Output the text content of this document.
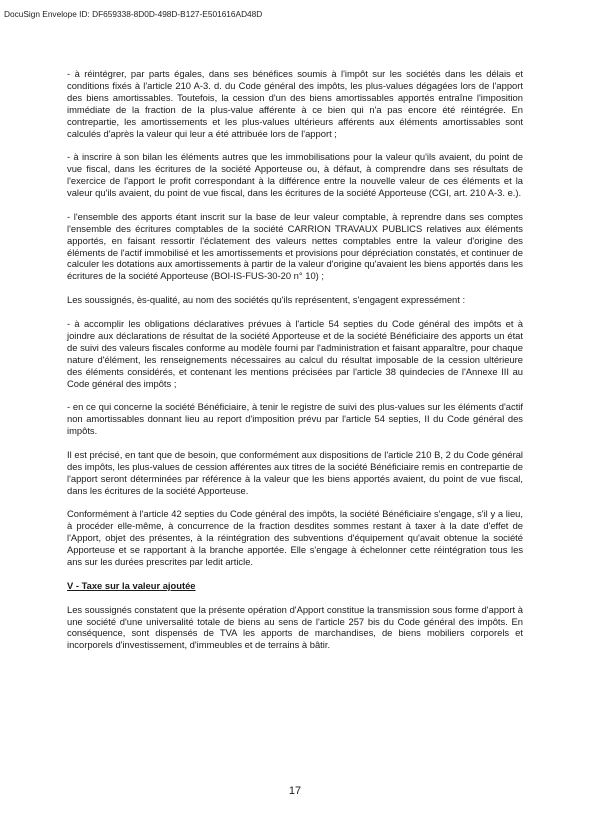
DocuSign Envelope ID: DF659338-8D0D-498D-B127-E501616AD48D

- à réintégrer, par parts égales, dans ses bénéfices soumis à l'impôt sur les sociétés dans les délais et conditions fixés à l'article 210 A-3. d. du Code général des impôts, les plus-values dégagées lors de l'apport des biens amortissables. Toutefois, la cession d'un des biens amortissables apportés entraîne l'imposition immédiate de la fraction de la plus-value afférente à ce bien qui n'a pas encore été réintégrée. En contrepartie, les amortissements et les plus-values ultérieurs afférents aux éléments amortissables sont calculés d'après la valeur qui leur a été attribuée lors de l'apport ;

- à inscrire à son bilan les éléments autres que les immobilisations pour la valeur qu'ils avaient, du point de vue fiscal, dans les écritures de la société Apporteuse ou, à défaut, à comprendre dans ses résultats de l'exercice de l'apport le profit correspondant à la différence entre la nouvelle valeur de ces éléments et la valeur qu'ils avaient, du point de vue fiscal, dans les écritures de la société Apporteuse (CGI, art. 210 A-3. e.).

- l'ensemble des apports étant inscrit sur la base de leur valeur comptable, à reprendre dans ses comptes l'ensemble des écritures comptables de la société CARRION TRAVAUX PUBLICS relatives aux éléments apportés, en faisant ressortir l'éclatement des valeurs nettes comptables entre la valeur d'origine des éléments de l'actif immobilisé et les amortissements et provisions pour dépréciation constatés, et continuer de calculer les dotations aux amortissements à partir de la valeur d'origine qu'avaient les biens apportés dans les écritures de la société Apporteuse (BOI-IS-FUS-30-20 n° 10) ;

Les soussignés, ès-qualité, au nom des sociétés qu'ils représentent, s'engagent expressément :

- à accomplir les obligations déclaratives prévues à l'article 54 septies du Code général des impôts et à joindre aux déclarations de résultat de la société Apporteuse et de la société Bénéficiaire des apports un état de suivi des valeurs fiscales conforme au modèle fourni par l'administration et faisant apparaître, pour chaque nature d'élément, les renseignements nécessaires au calcul du résultat imposable de la cession ultérieure des éléments considérés, et contenant les mentions précisées par l'article 38 quindecies de l'Annexe III au Code général des impôts ;

- en ce qui concerne la société Bénéficiaire, à tenir le registre de suivi des plus-values sur les éléments d'actif non amortissables donnant lieu au report d'imposition prévu par l'article 54 septies, II du Code général des impôts.

Il est précisé, en tant que de besoin, que conformément aux dispositions de l'article 210 B, 2 du Code général des impôts, les plus-values de cession afférentes aux titres de la société Bénéficiaire remis en contrepartie de l'apport seront déterminées par référence à la valeur que les biens apportés avaient, du point de vue fiscal, dans les écritures de la société Apporteuse.

Conformément à l'article 42 septies du Code général des impôts, la société Bénéficiaire s'engage, s'il y a lieu, à procéder elle-même, à concurrence de la fraction desdites sommes restant à taxer à la date d'effet de l'Apport, objet des présentes, à la réintégration des subventions d'équipement qu'avait obtenue la société Apporteuse et se rapportant à la branche apportée. Elle s'engage à échelonner cette réintégration tous les ans sur les durées prescrites par ledit article.

V - Taxe sur la valeur ajoutée

Les soussignés constatent que la présente opération d'Apport constitue la transmission sous forme d'apport à une société d'une universalité totale de biens au sens de l'article 257 bis du Code général des impôts. En conséquence, sont dispensés de TVA les apports de marchandises, de biens mobiliers corporels et incorporels d'investissement, d'immeubles et de terrains à bâtir.

17
